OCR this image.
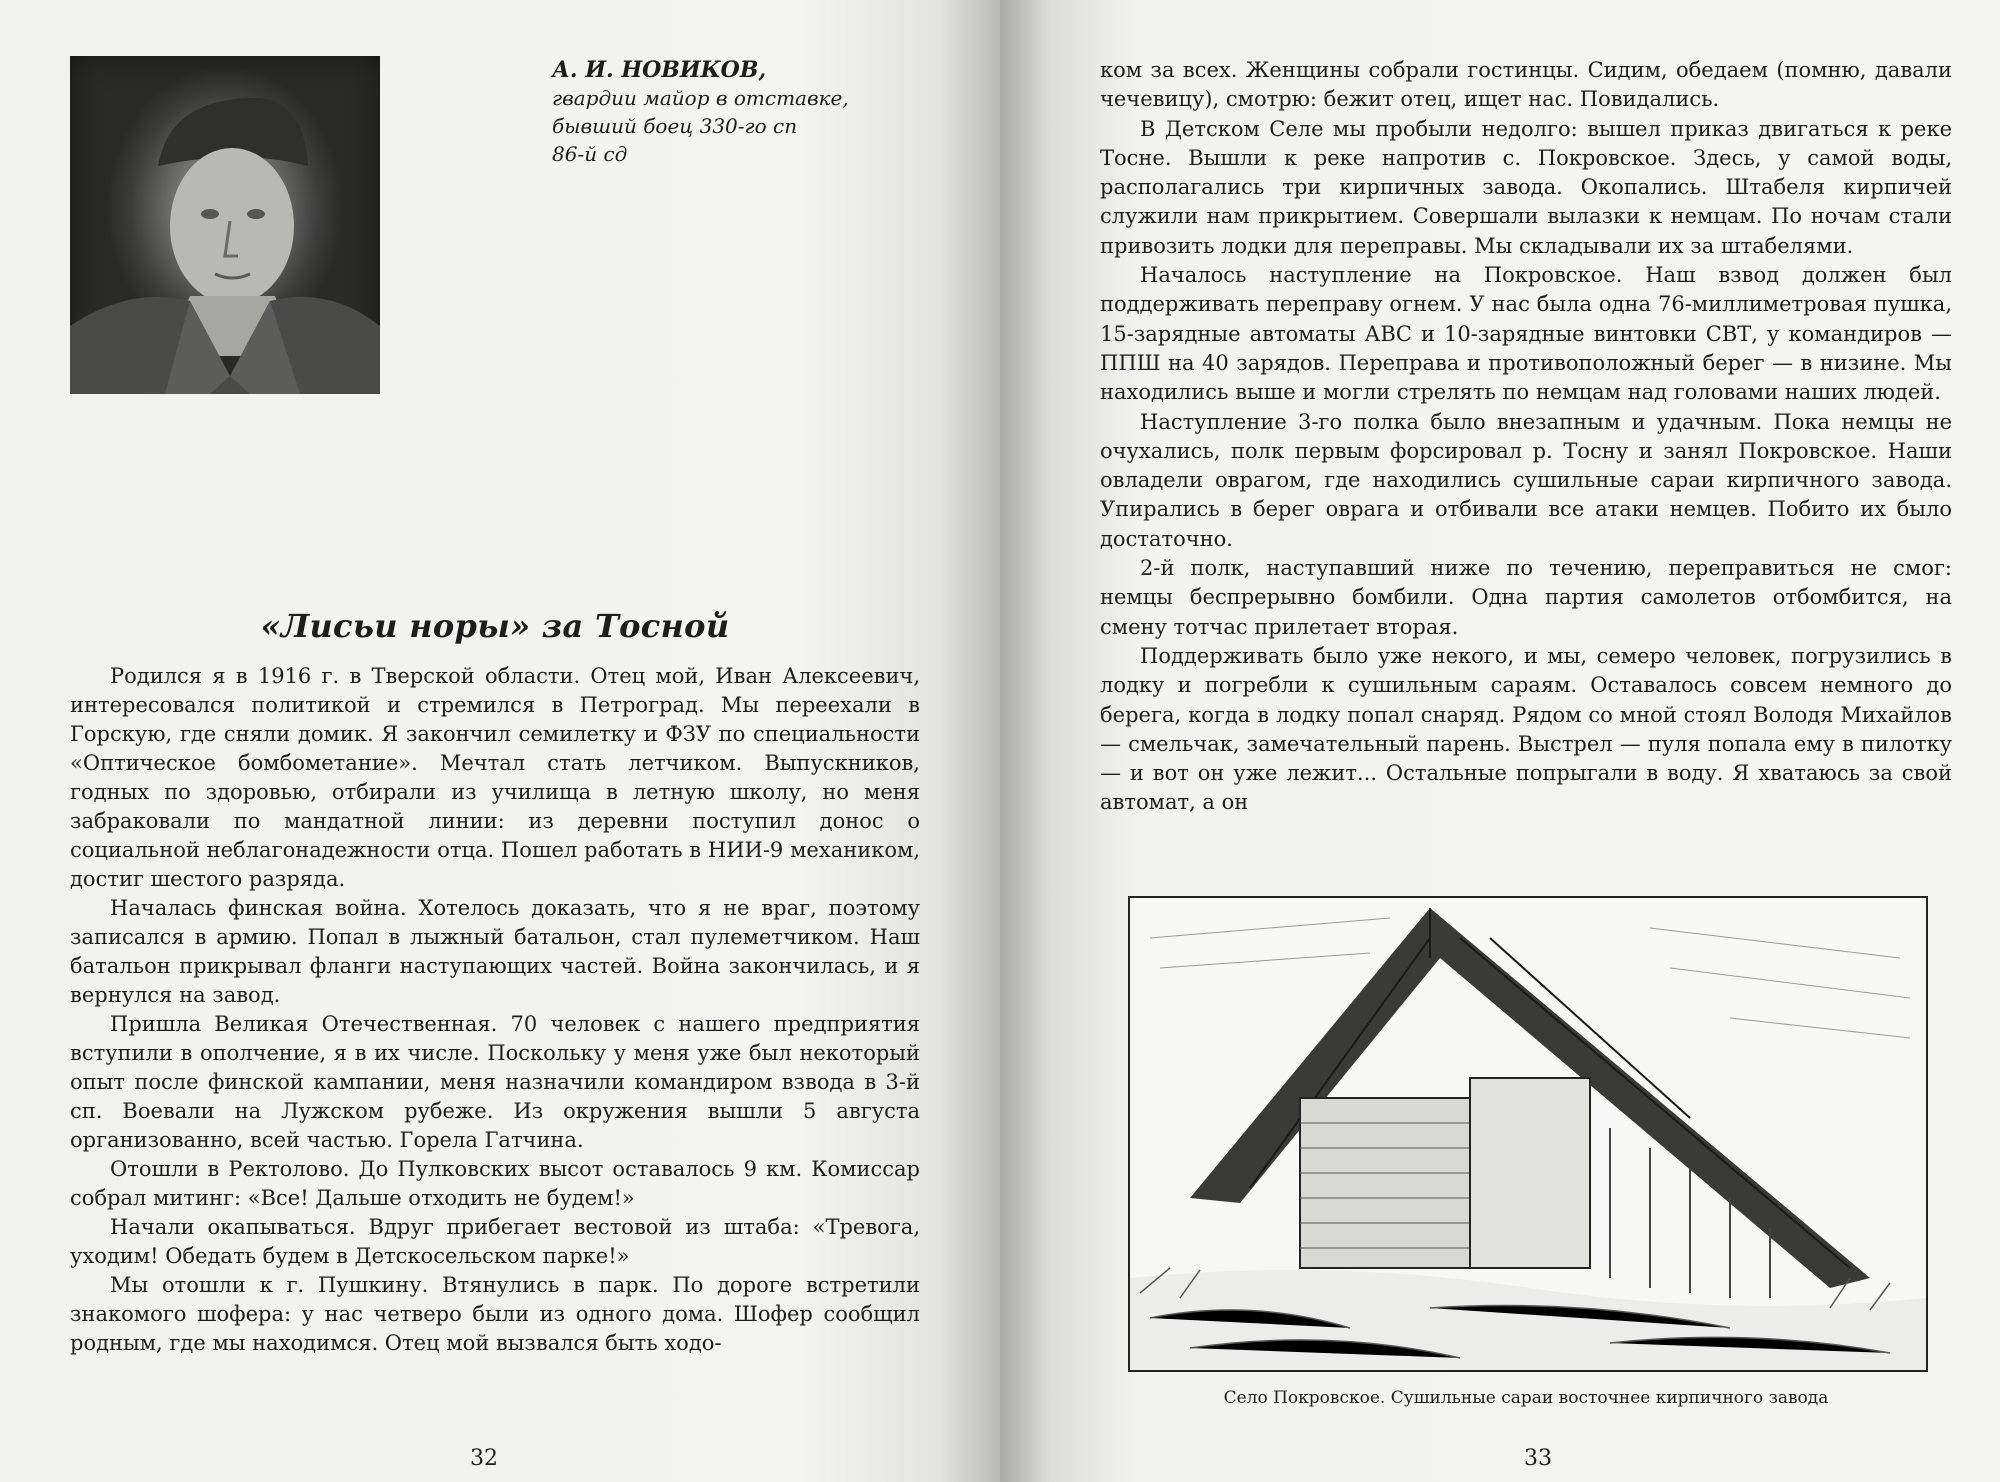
А. И. НОВИКОВ,
гвардии майор в отставке,
бывший боец 330-го сп
86-й сд
«Лисьи норы» за Тосной

Родился я в 1916 г. в Тверской области. Отец мой, Иван Алексеевич, интересовался политикой и стремился в Петроград. Мы переехали в Горскую, где сняли домик. Я закончил семилетку и ФЗУ по специальности «Оптическое бомбометание». Мечтал стать летчиком. Выпускников, годных по здоровью, отбирали из училища в летную школу, но меня забраковали по мандатной линии: из деревни поступил донос о социальной неблагонадежности отца. Пошел работать в НИИ-9 механиком, достиг шестого разряда.

Началась финская война. Хотелось доказать, что я не враг, поэтому записался в армию. Попал в лыжный батальон, стал пулеметчиком. Наш батальон прикрывал фланги наступающих частей. Война закончилась, и я вернулся на завод.

Пришла Великая Отечественная. 70 человек с нашего предприятия вступили в ополчение, я в их числе. Поскольку у меня уже был некоторый опыт после финской кампании, меня назначили командиром взвода в 3-й сп. Воевали на Лужском рубеже. Из окружения вышли 5 августа организованно, всей частью. Горела Гатчина.

Отошли в Ректолово. До Пулковских высот оставалось 9 км. Комиссар собрал митинг: «Все! Дальше отходить не будем!»

Начали окапываться. Вдруг прибегает вестовой из штаба: «Тревога, уходим! Обедать будем в Детскосельском парке!»

Мы отошли к г. Пушкину. Втянулись в парк. По дороге встретили знакомого шофера: у нас четверо были из одного дома. Шофер сообщил родным, где мы находимся. Отец мой вызвался быть ходо-

32

ком за всех. Женщины собрали гостинцы. Сидим, обедаем (помню, давали чечевицу), смотрю: бежит отец, ищет нас. Повидались.

В Детском Селе мы пробыли недолго: вышел приказ двигаться к реке Тосне. Вышли к реке напротив с. Покровское. Здесь, у самой воды, располагались три кирпичных завода. Окопались. Штабеля кирпичей служили нам прикрытием. Совершали вылазки к немцам. По ночам стали привозить лодки для переправы. Мы складывали их за штабелями.

Началось наступление на Покровское. Наш взвод должен был поддерживать переправу огнем. У нас была одна 76-миллиметровая пушка, 15-зарядные автоматы АВС и 10-зарядные винтовки СВТ, у командиров — ППШ на 40 зарядов. Переправа и противоположный берег — в низине. Мы находились выше и могли стрелять по немцам над головами наших людей.

Наступление 3-го полка было внезапным и удачным. Пока немцы не очухались, полк первым форсировал р. Тосну и занял Покровское. Наши овладели оврагом, где находились сушильные сараи кирпичного завода. Упирались в берег оврага и отбивали все атаки немцев. Побито их было достаточно.

2-й полк, наступавший ниже по течению, переправиться не смог: немцы беспрерывно бомбили. Одна партия самолетов отбомбится, на смену тотчас прилетает вторая.

Поддерживать было уже некого, и мы, семеро человек, погрузились в лодку и погребли к сушильным сараям. Оставалось совсем немного до берега, когда в лодку попал снаряд. Рядом со мной стоял Володя Михайлов — смельчак, замечательный парень. Выстрел — пуля попала ему в пилотку — и вот он уже лежит... Остальные попрыгали в воду. Я хватаюсь за свой автомат, а он

Село Покровское. Сушильные сараи восточнее кирпичного завода
33
